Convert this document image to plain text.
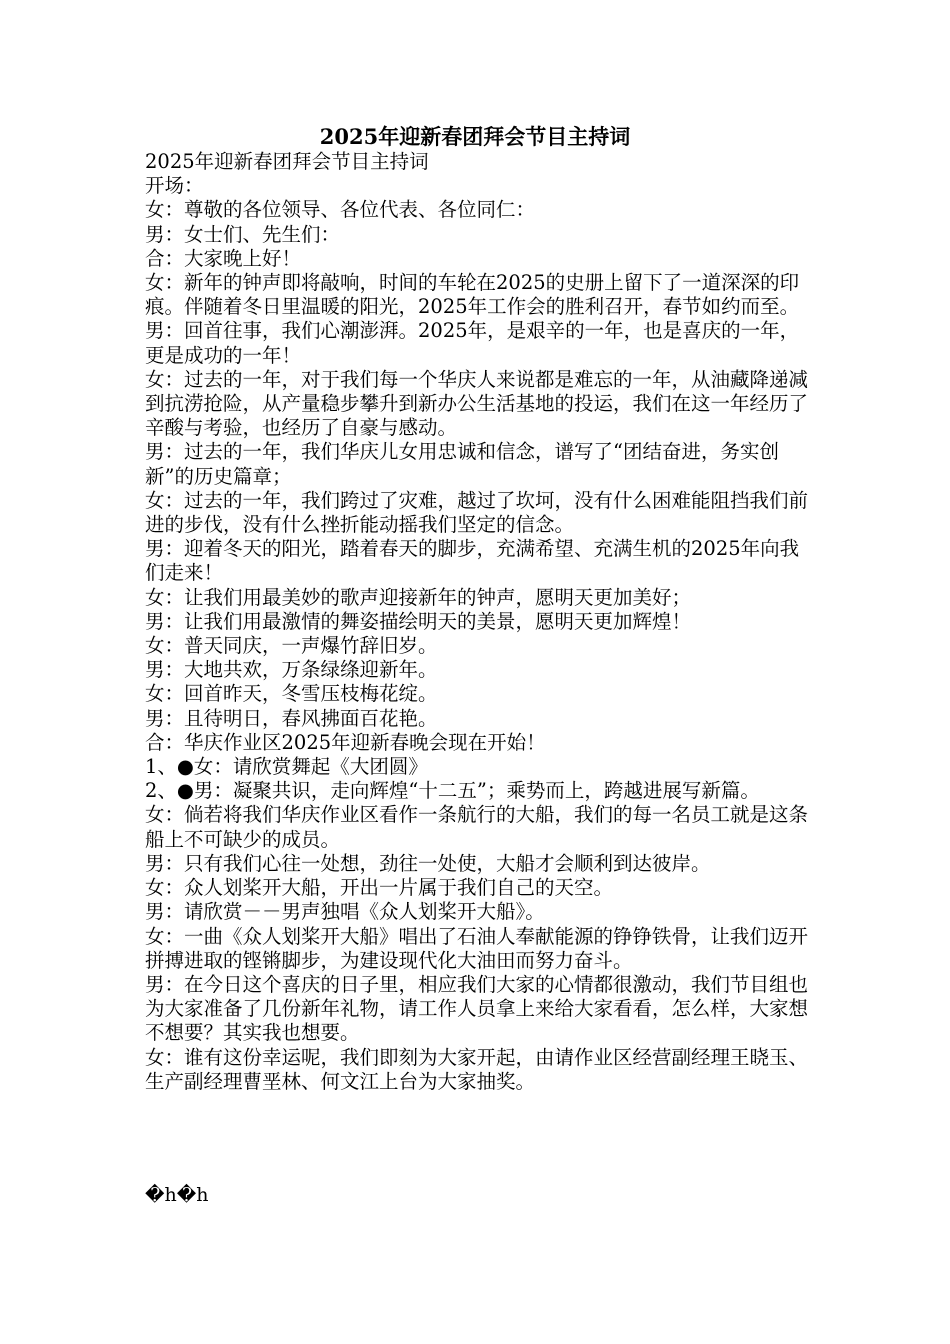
2025年迎新春团拜会节目主持词
2025年迎新春团拜会节目主持词
开场：
女：尊敬的各位领导、各位代表、各位同仁：
男：女士们、先生们：
合：大家晚上好！
女：新年的钟声即将敲响，时间的车轮在2025的史册上留下了一道深深的印痕。伴随着冬日里温暖的阳光，2025年工作会的胜利召开，春节如约而至。
男：回首往事，我们心潮澎湃。2025年，是艰辛的一年，也是喜庆的一年，更是成功的一年！
女：过去的一年，对于我们每一个华庆人来说都是难忘的一年，从油藏降递减到抗涝抢险，从产量稳步攀升到新办公生活基地的投运，我们在这一年经历了辛酸与考验，也经历了自豪与感动。
男：过去的一年，我们华庆儿女用忠诚和信念，谱写了“团结奋进，务实创新”的历史篇章；
女：过去的一年，我们跨过了灾难，越过了坎坷，没有什么困难能阻挡我们前进的步伐，没有什么挫折能动摇我们坚定的信念。
男：迎着冬天的阳光，踏着春天的脚步，充满希望、充满生机的2025年向我们走来！
女：让我们用最美妙的歌声迎接新年的钟声，愿明天更加美好；
男：让我们用最激情的舞姿描绘明天的美景，愿明天更加辉煌！
女：普天同庆，一声爆竹辞旧岁。
男：大地共欢，万条绿绦迎新年。
女：回首昨天，冬雪压枝梅花绽。
男：且待明日，春风拂面百花艳。
合：华庆作业区2025年迎新春晚会现在开始！
1、●女：请欣赏舞起《大团圆》
2、●男：凝聚共识，走向辉煌“十二五”；乘势而上，跨越进展写新篇。
女：倘若将我们华庆作业区看作一条航行的大船，我们的每一名员工就是这条船上不可缺少的成员。
男：只有我们心往一处想，劲往一处使，大船才会顺利到达彼岸。
女：众人划桨开大船，开出一片属于我们自己的天空。
男：请欣赏－－男声独唱《众人划桨开大船》。
女：一曲《众人划桨开大船》唱出了石油人奉献能源的铮铮铁骨，让我们迈开拼搏进取的铿锵脚步，为建设现代化大油田而努力奋斗。
男：在今日这个喜庆的日子里，相应我们大家的心情都很激动，我们节目组也为大家准备了几份新年礼物，请工作人员拿上来给大家看看，怎么样，大家想不想要？其实我也想要。
女：谁有这份幸运呢，我们即刻为大家开起，由请作业区经营副经理王晓玉、生产副经理曹垩林、何文江上台为大家抽奖。
�h�h
